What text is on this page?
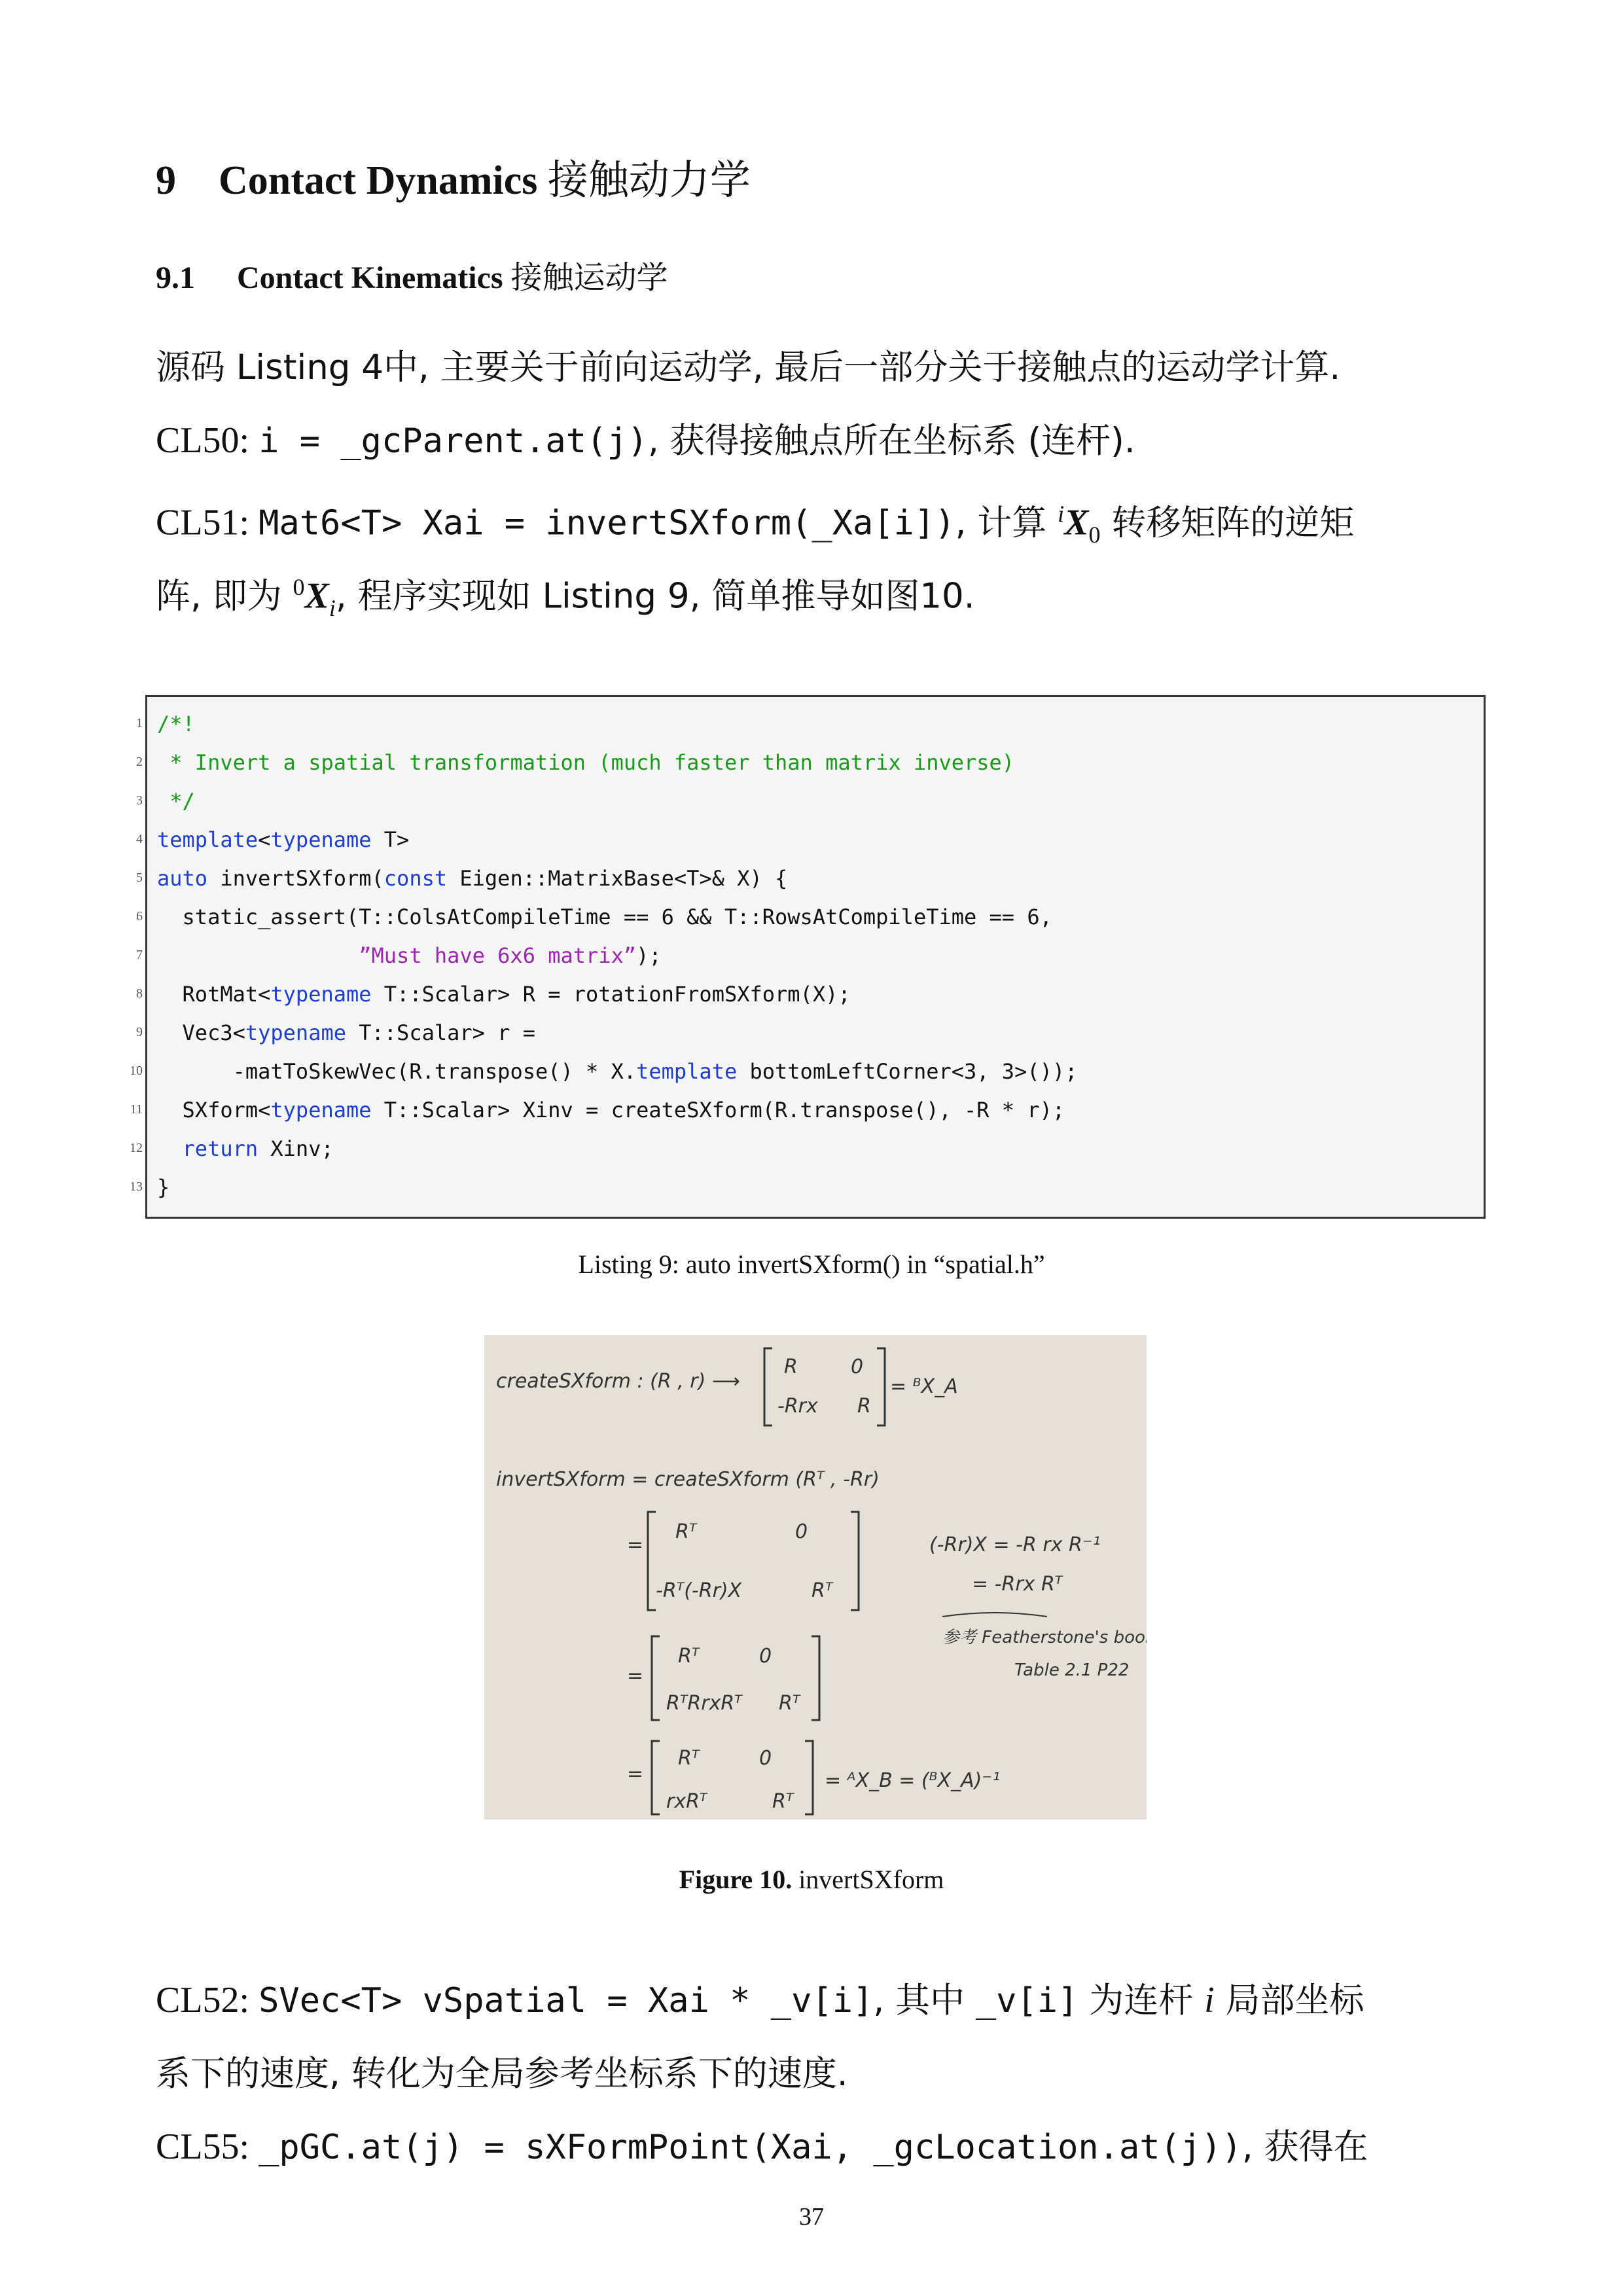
9 Contact Dynamics 接触动力学
9.1 Contact Kinematics 接触运动学
源码 Listing 4中, 主要关于前向运动学, 最后一部分关于接触点的运动学计算.
CL50: i = _gcParent.at(j), 获得接触点所在坐标系 (连杆).
CL51: Mat6<T> Xai = invertSXform(_Xa[i]), 计算 $^iX_0$ 转移矩阵的逆矩
阵, 即为 $^0X_i$, 程序实现如 Listing 9, 简单推导如图10.
1
2
3
4
5
6
7
8
9
10
11
12
13
/*!
* Invert a spatial transformation (much faster than matrix inverse)
*/
template<typename T>
auto invertSXform(const Eigen::MatrixBase<T>& X) {
static_assert(T::ColsAtCompileTime == 6 && T::RowsAtCompileTime == 6,
”Must have 6x6 matrix”);
RotMat<typename T::Scalar> R = rotationFromSXform(X);
Vec3<typename T::Scalar> r =
-matToSkewVec(R.transpose() * X.template bottomLeftCorner<3, 3>());
SXform<typename T::Scalar> Xinv = createSXform(R.transpose(), -R * r);
return Xinv;
}
Listing 9: auto invertSXform() in “spatial.h”
createSXform : (R , r) ⟶
R	0
-Rrx R
= ᴮX_A
invertSXform = createSXform (Rᵀ , -Rr)
=
Rᵀ	0
-Rᵀ(-Rr)X	Rᵀ
(-Rr)X = -R rx R⁻¹
= -Rrx Rᵀ
参考 Featherstone's book
Table 2.1 P22
=
Rᵀ	0
RᵀRrxRᵀ Rᵀ
=
Rᵀ	0
rxRᵀ	Rᵀ
= ᴬX_B = (ᴮX_A)⁻¹
Figure 10. invertSXform
CL52: SVec<T> vSpatial = Xai * _v[i], 其中 _v[i] 为连杆 i 局部坐标
系下的速度, 转化为全局参考坐标系下的速度.
CL55: _pGC.at(j) = sXFormPoint(Xai, _gcLocation.at(j)), 获得在
37
